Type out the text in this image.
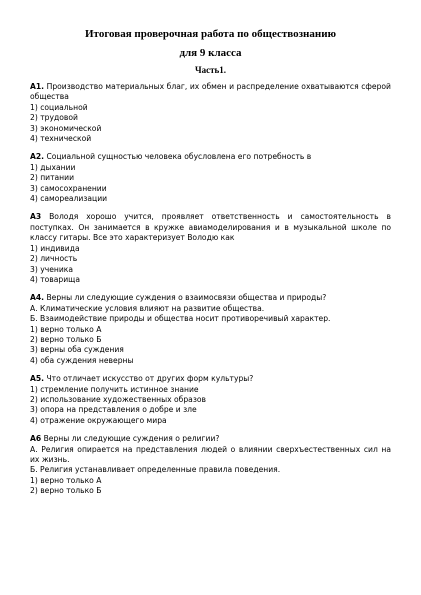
Итоговая проверочная работа по обществознанию

для 9 класса

Часть1.

А1. Производство материальных благ, их обмен и распределение охватываются сферой общества

1) социальной

2) трудовой

3) экономической

4) технической

А2. Социальной сущностью человека обусловлена его потребность в

1) дыхании

2) питании

3) самосохранении

4) самореализации

А3 Володя хорошо учится, проявляет ответственность и самостоятельность в поступках. Он занимается в кружке авиамоделирования и в музыкальной школе по классу гитары. Все это характеризует Володю как

1) индивида

2) личность

3) ученика

4) товарища

А4. Верны ли следующие суждения о взаимосвязи общества и природы?

А. Климатические условия влияют на развитие общества.

Б. Взаимодействие природы и общества носит противоречивый характер.

1) верно только А

2) верно только Б

3) верны оба суждения

4) оба суждения неверны

А5. Что отличает искусство от других форм культуры?

1) стремление получить истинное знание

2) использование художественных образов

3) опора на представления о добре и зле

4) отражение окружающего мира

А6 Верны ли следующие суждения о религии?

А. Религия опирается на представления людей о влиянии сверхъестественных сил на их жизнь.

Б. Религия устанавливает определенные правила поведения.

1) верно только А

2) верно только Б
